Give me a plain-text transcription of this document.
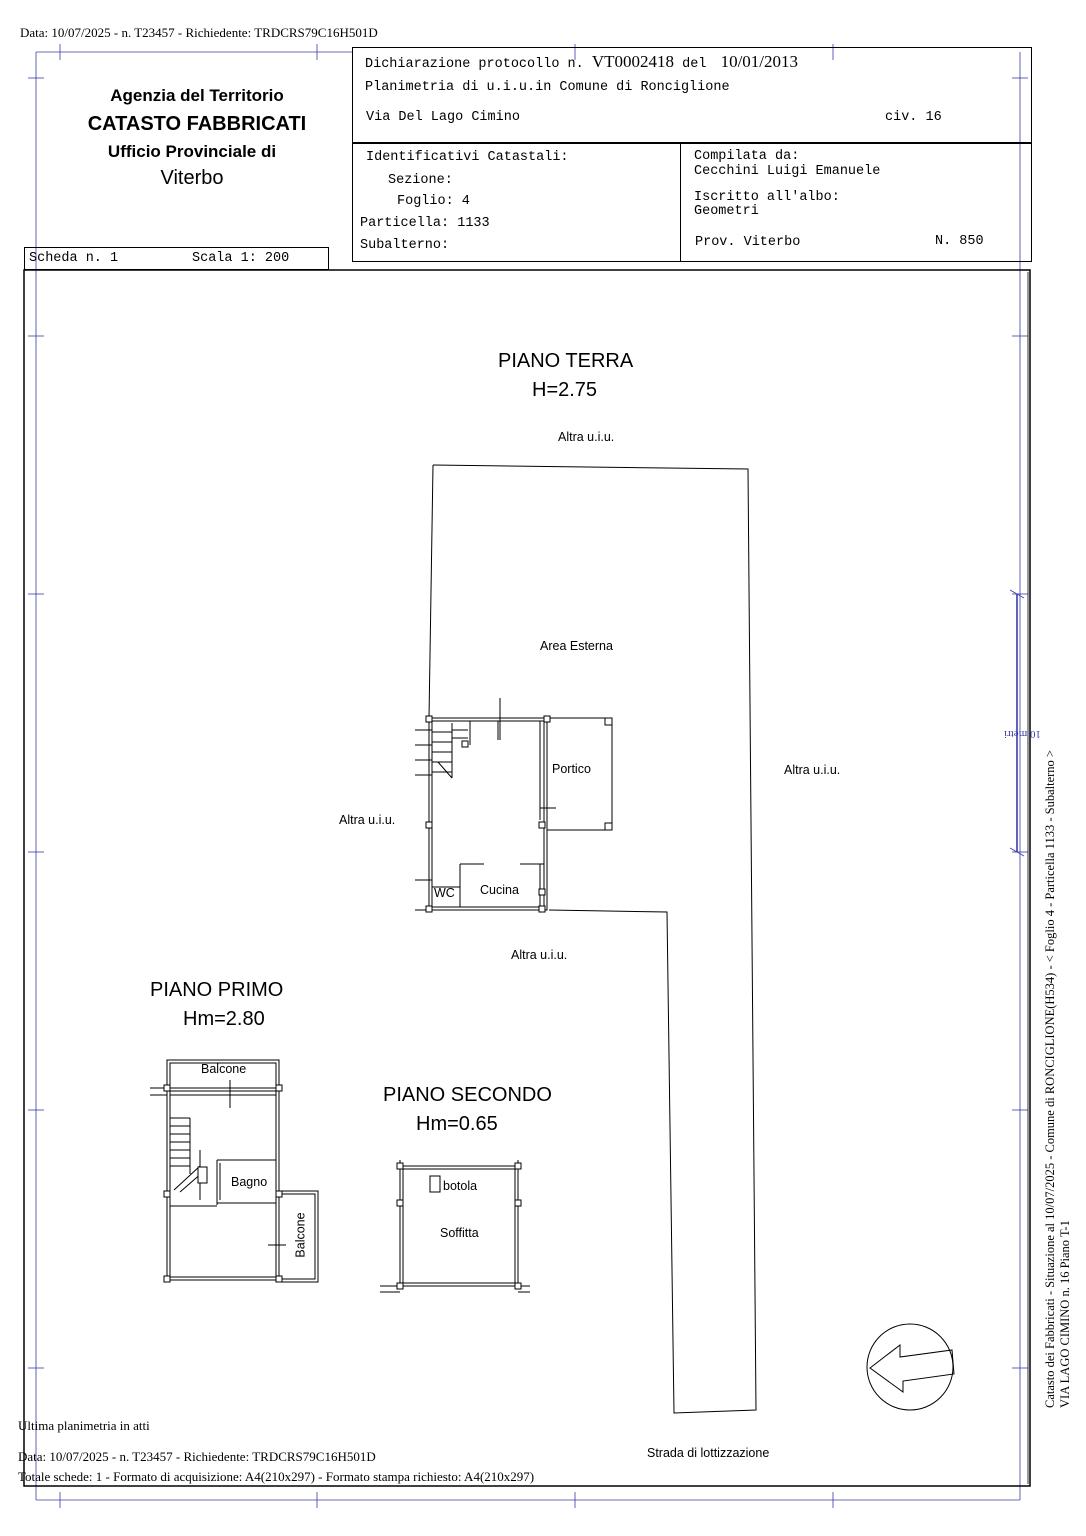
Data: 10/07/2025 - n. T23457 - Richiedente: TRDCRS79C16H501D
Dichiarazione protocollo n. VT0002418 del 10/01/2013
Planimetria di u.i.u.in Comune di Ronciglione
Via Del Lago Cimino	civ. 16
Identificativi Catastali:
Sezione:
Foglio: 4
Particella: 1133
Subalterno:
Compilata da:
Cecchini Luigi Emanuele
Iscritto all'albo:
Geometri
Prov. Viterbo	N. 850
Agenzia del Territorio
CATASTO FABBRICATI
Ufficio Provinciale di
Viterbo
Scheda n. 1	Scala 1: 200
PIANO TERRA
H=2.75
Altra u.i.u.
Area Esterna
Portico	Altra u.i.u.
Altra u.i.u.
WC Cucina
Altra u.i.u.
PIANO PRIMO
Hm=2.80
Balcone
Bagno
Balcone
PIANO SECONDO
Hm=0.65
botola
Soffitta
Strada di lottizzazione
10 metri
Catasto dei Fabbricati - Situazione al 10/07/2025 - Comune di RONCIGLIONE(H534) - < Foglio 4 - Particella 1133 - Subalterno > VIA LAGO CIMINO n. 16 Piano T-1
Ultima planimetria in atti
Data: 10/07/2025 - n. T23457 - Richiedente: TRDCRS79C16H501D
Totale schede: 1 - Formato di acquisizione: A4(210x297) - Formato stampa richiesto: A4(210x297)
